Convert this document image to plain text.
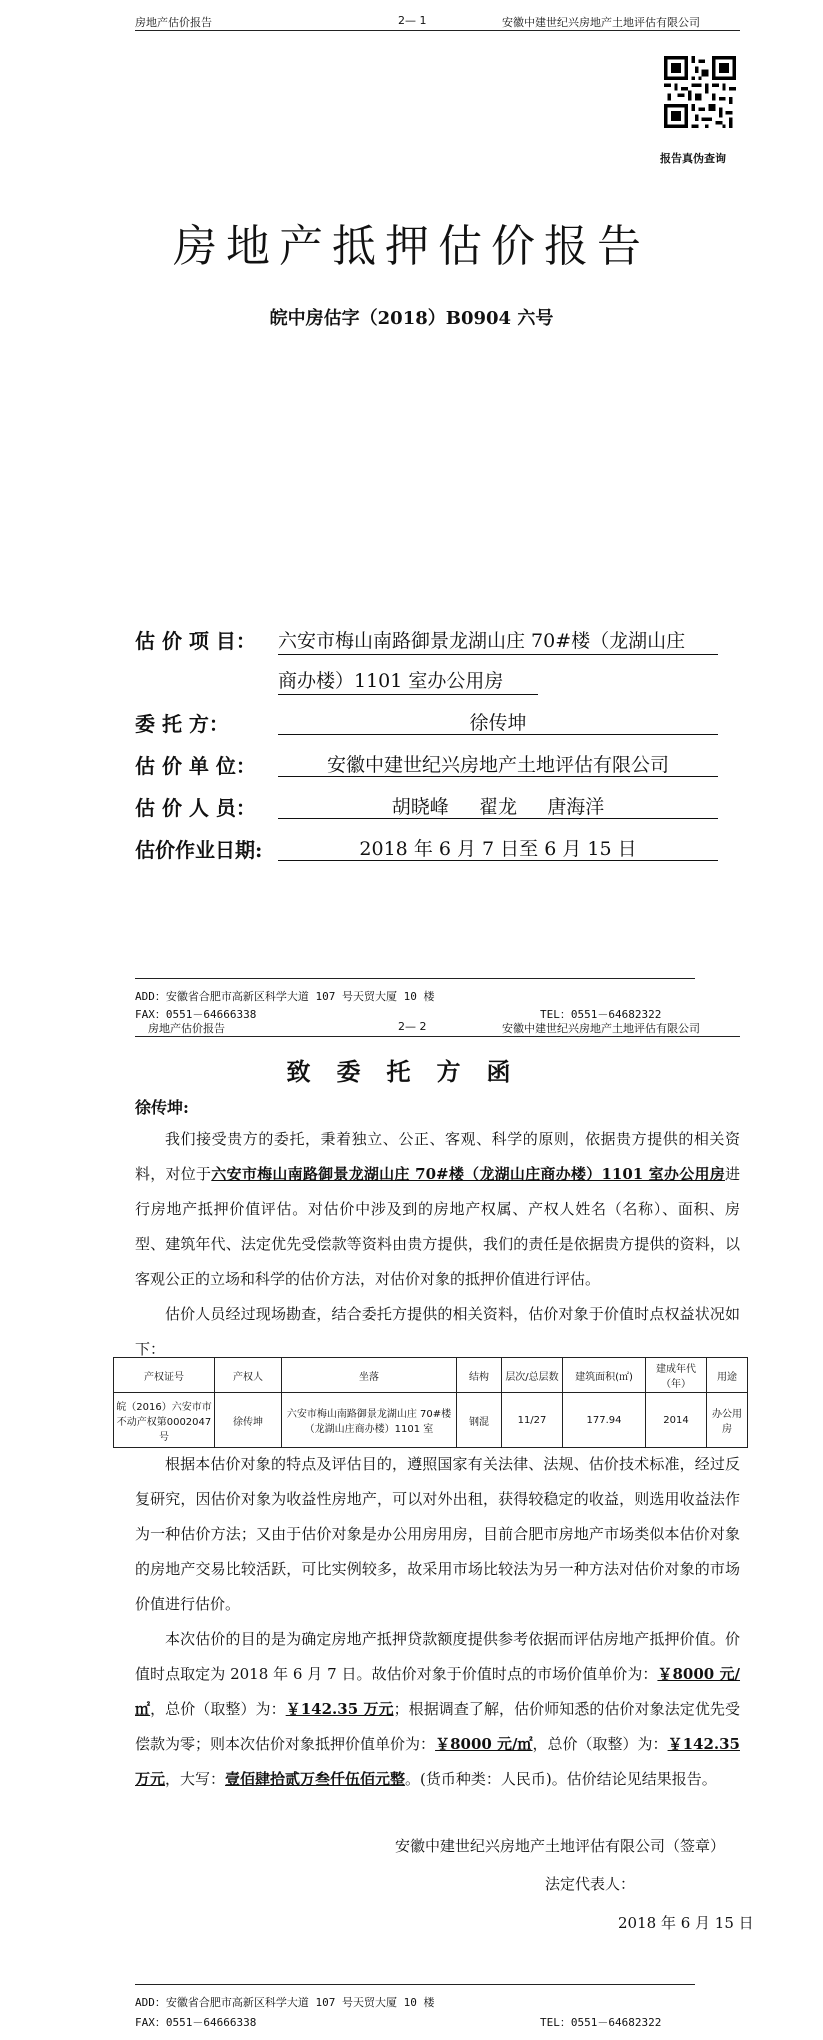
房地产估价报告	2— 1	安徽中建世纪兴房地产土地评估有限公司
报告真伪查询
房地产抵押估价报告
皖中房估字（2018）B0904 六号
估 价 项 目： 六安市梅山南路御景龙湖山庄 70#楼（龙湖山庄
商办楼）1101 室办公用房
委 托 方：	徐传坤
估 价 单 位：	安徽中建世纪兴房地产土地评估有限公司
估 价 人 员：	胡晓峰     翟龙     唐海洋
估价作业日期:	2018 年 6 月 7 日至 6 月 15 日
ADD：安徽省合肥市高新区科学大道 107 号天贸大厦 10 楼
FAX：0551－64666338	TEL：0551－64682322
房地产估价报告	2— 2	安徽中建世纪兴房地产土地评估有限公司
致委托方函
徐传坤:
我们接受贵方的委托，秉着独立、公正、客观、科学的原则，依据贵方提供的相关资料，对位于六安市梅山南路御景龙湖山庄 70#楼（龙湖山庄商办楼）1101 室办公用房进行房地产抵押价值评估。对估价中涉及到的房地产权属、产权人姓名（名称）、面积、房型、建筑年代、法定优先受偿款等资料由贵方提供，我们的责任是依据贵方提供的资料，以客观公正的立场和科学的估价方法，对估价对象的抵押价值进行评估。
估价人员经过现场勘查，结合委托方提供的相关资料，估价对象于价值时点权益状况如下：
产权证号	产权人	坐落	结构	层次/总层数	建筑面积(㎡)	建成年代（年）	用途
皖（2016）六安市市不动产权第0002047 号	徐传坤	六安市梅山南路御景龙湖山庄 70#楼（龙湖山庄商办楼）1101 室	钢混	11/27	177.94	2014	办公用房
根据本估价对象的特点及评估目的，遵照国家有关法律、法规、估价技术标准，经过反复研究，因估价对象为收益性房地产，可以对外出租，获得较稳定的收益，则选用收益法作为一种估价方法；又由于估价对象是办公用房用房，目前合肥市房地产市场类似本估价对象的房地产交易比较活跃，可比实例较多，故采用市场比较法为另一种方法对估价对象的市场价值进行估价。
本次估价的目的是为确定房地产抵押贷款额度提供参考依据而评估房地产抵押价值。价值时点取定为 2018 年 6 月 7 日。故估价对象于价值时点的市场价值单价为：￥8000 元/㎡，总价（取整）为：￥142.35 万元；根据调查了解，估价师知悉的估价对象法定优先受偿款为零；则本次估价对象抵押价值单价为：￥8000 元/㎡，总价（取整）为：￥142.35 万元，大写：壹佰肆拾贰万叁仟伍佰元整。(货币种类：人民币)。估价结论见结果报告。
安徽中建世纪兴房地产土地评估有限公司（签章）
法定代表人：
2018 年 6 月 15 日
ADD：安徽省合肥市高新区科学大道 107 号天贸大厦 10 楼
FAX：0551－64666338	TEL：0551－64682322
